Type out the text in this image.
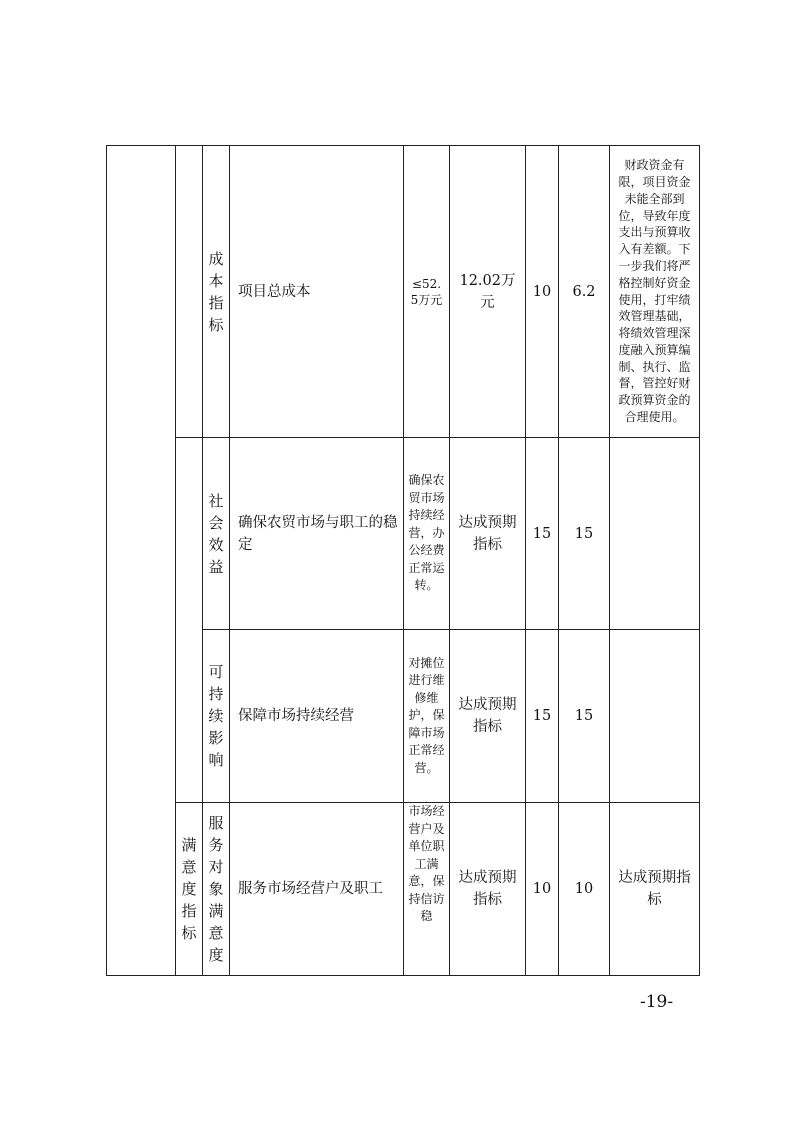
成本指标
项目总成本	≤52.5万元
12.02万元
10 6.2
财政资金有限，项目资金未能全部到位，导致年度支出与预算收入有差额。下一步我们将严格控制好资金使用，打牢绩效管理基础，将绩效管理深度融入预算编制、执行、监督，管控好财政预算资金的合理使用。
社会效益
确保农贸市场与职工的稳定
确保农贸市场持续经营，办公经费正常运转。
达成预期指标
15 15
可持续影响
保障市场持续经营
对摊位进行维修维护，保障市场正常经营。
达成预期指标
15 15
满意度指标
服务对象满意度
服务市场经营户及职工
市场经营户及单位职工满意，保持信访稳
达成预期指标
10 10
达成预期指标
-19-
